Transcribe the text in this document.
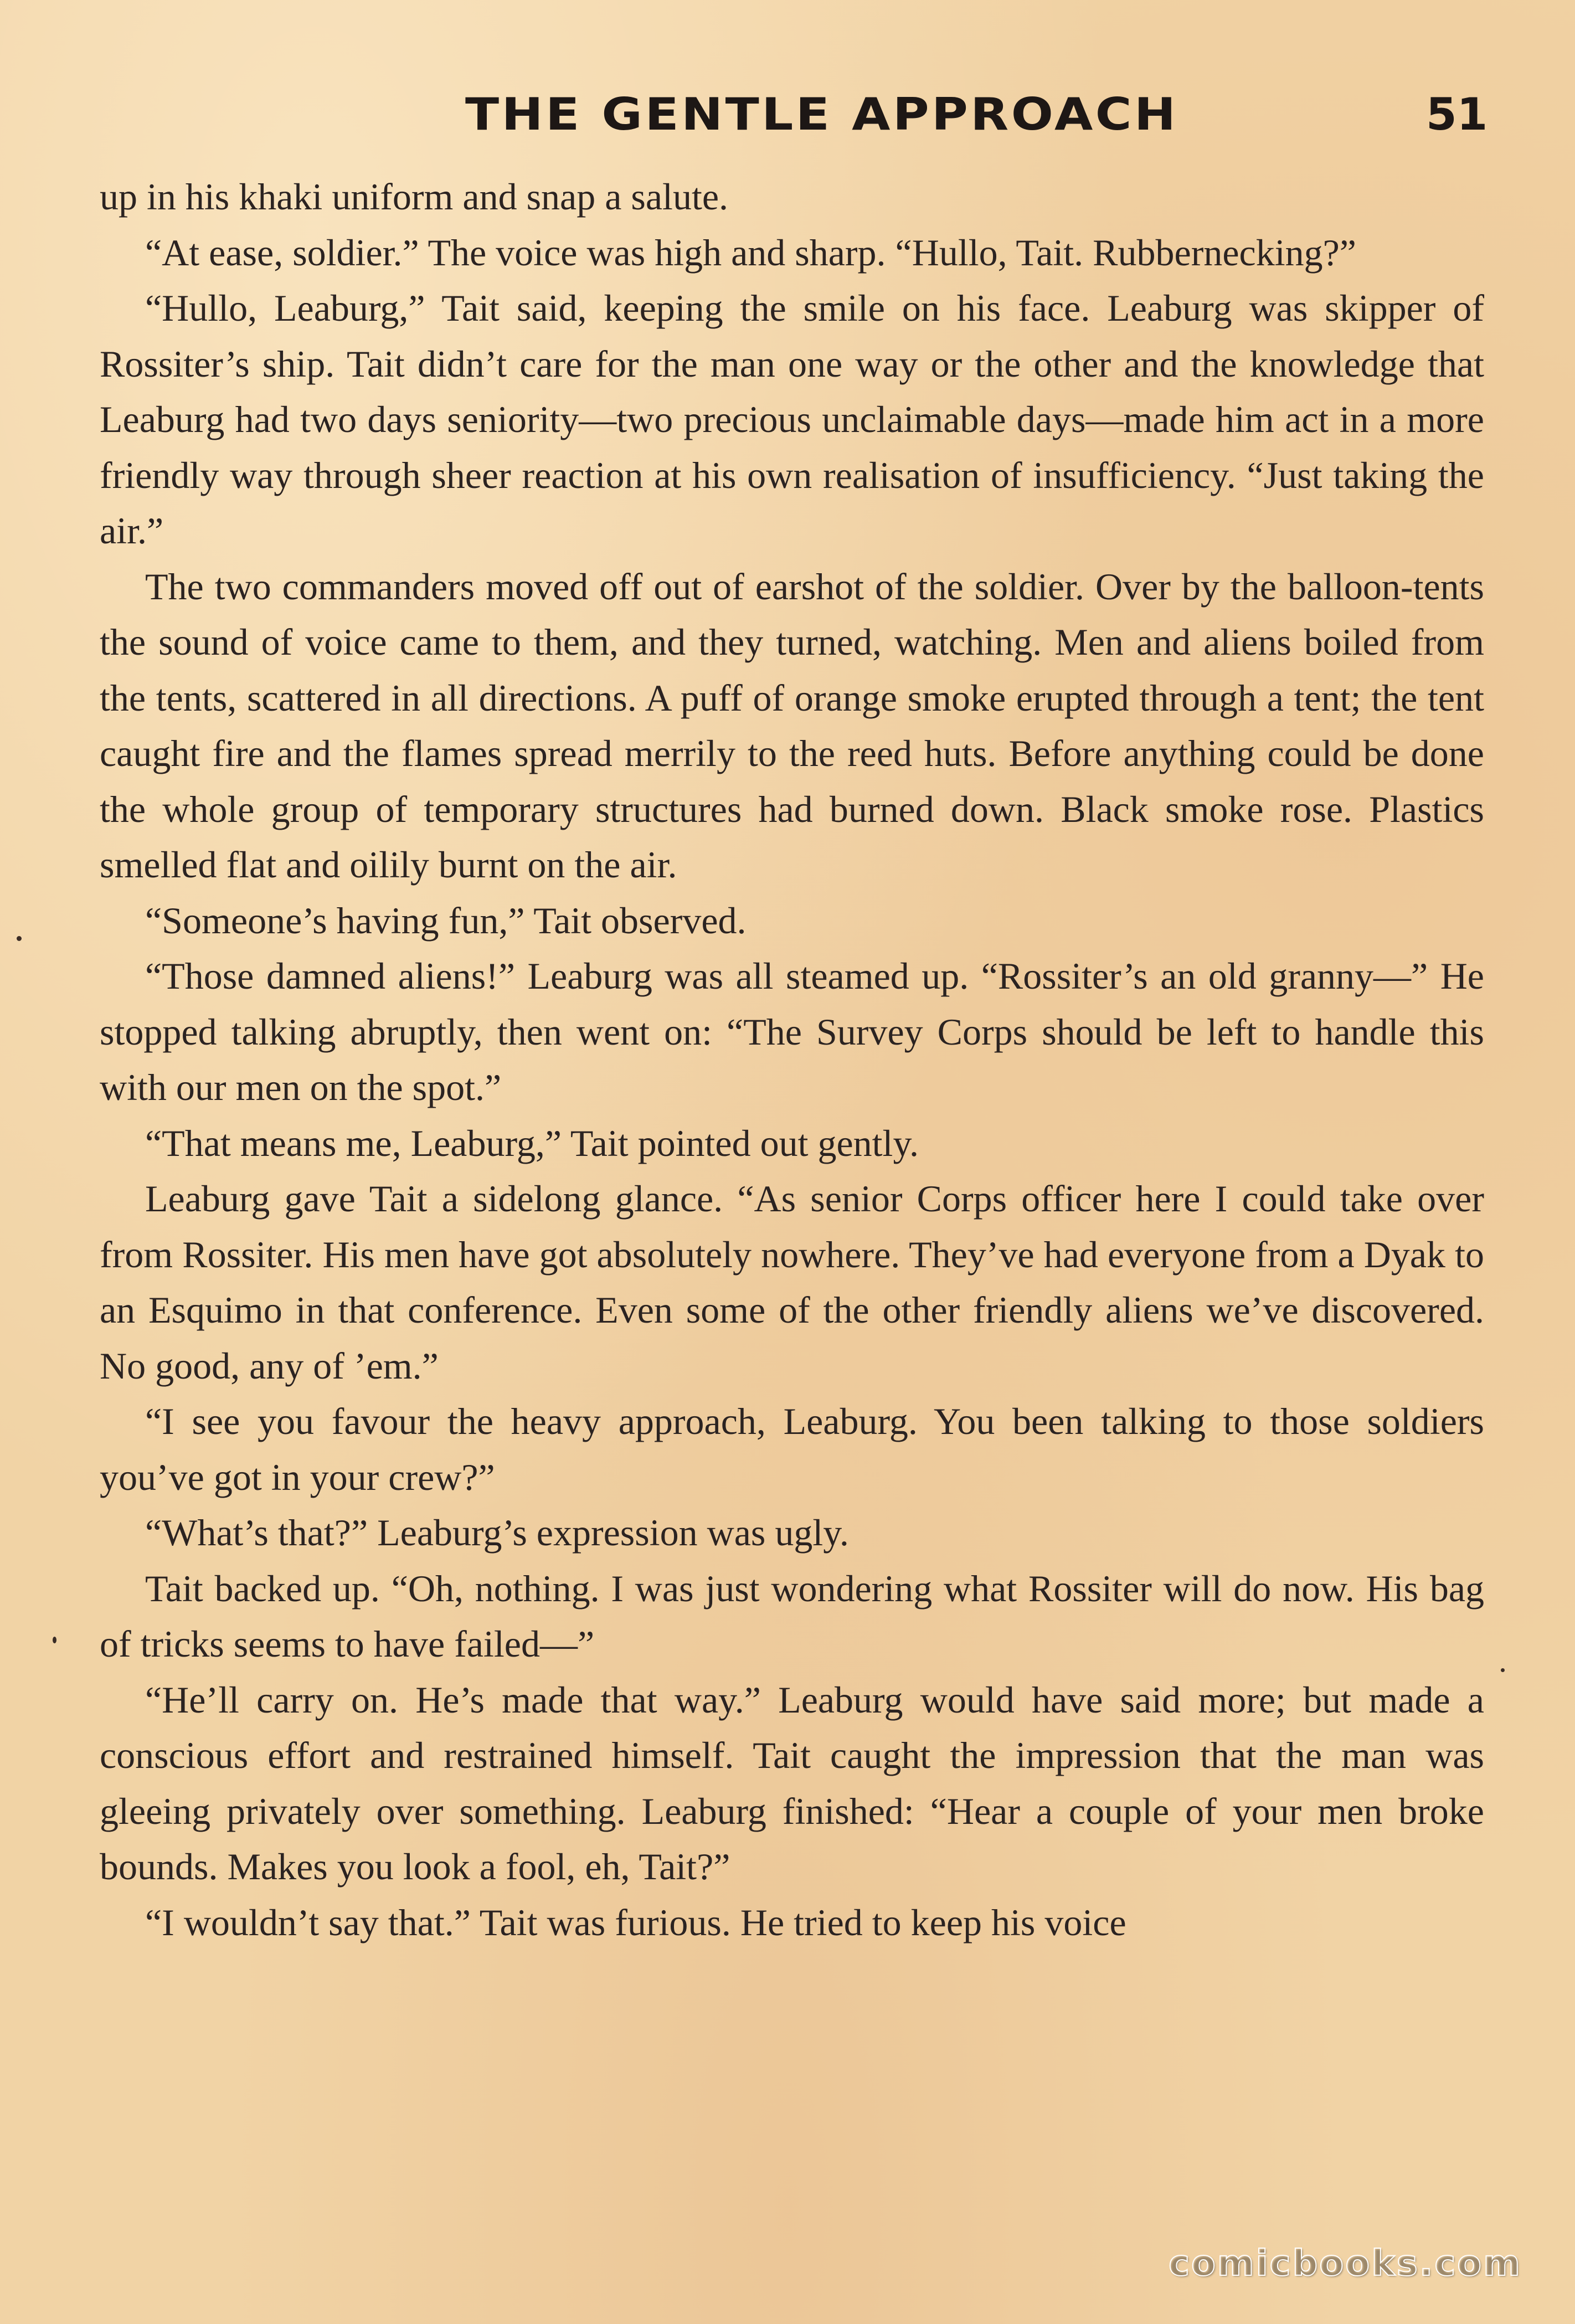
THE GENTLE APPROACH	51

up in his khaki uniform and snap a salute.

“At ease, soldier.” The voice was high and sharp. “Hullo, Tait. Rubbernecking?”

“Hullo, Leaburg,” Tait said, keeping the smile on his face. Leaburg was skipper of Rossiter’s ship. Tait didn’t care for the man one way or the other and the knowledge that Leaburg had two days seniority—two precious unclaimable days—made him act in a more friendly way through sheer reaction at his own realisation of insufficiency. “Just taking the air.”

The two commanders moved off out of earshot of the soldier. Over by the balloon-tents the sound of voice came to them, and they turned, watching. Men and aliens boiled from the tents, scattered in all directions. A puff of orange smoke erupted through a tent; the tent caught fire and the flames spread merrily to the reed huts. Before anything could be done the whole group of temporary structures had burned down. Black smoke rose. Plastics smelled flat and oilily burnt on the air.

“Someone’s having fun,” Tait observed.

“Those damned aliens!” Leaburg was all steamed up. “Rossiter’s an old granny—” He stopped talking abruptly, then went on: “The Survey Corps should be left to handle this with our men on the spot.”

“That means me, Leaburg,” Tait pointed out gently.

Leaburg gave Tait a sidelong glance. “As senior Corps officer here I could take over from Rossiter. His men have got absolutely nowhere. They’ve had everyone from a Dyak to an Esquimo in that conference. Even some of the other friendly aliens we’ve discovered. No good, any of ’em.”

“I see you favour the heavy approach, Leaburg. You been talking to those soldiers you’ve got in your crew?”

“What’s that?” Leaburg’s expression was ugly.

Tait backed up. “Oh, nothing. I was just wondering what Rossiter will do now. His bag of tricks seems to have failed—”

“He’ll carry on. He’s made that way.” Leaburg would have said more; but made a conscious effort and restrained himself. Tait caught the impression that the man was gleeing privately over something. Leaburg finished: “Hear a couple of your men broke bounds. Makes you look a fool, eh, Tait?”

“I wouldn’t say that.” Tait was furious. He tried to keep his voice

comicbooks.com
